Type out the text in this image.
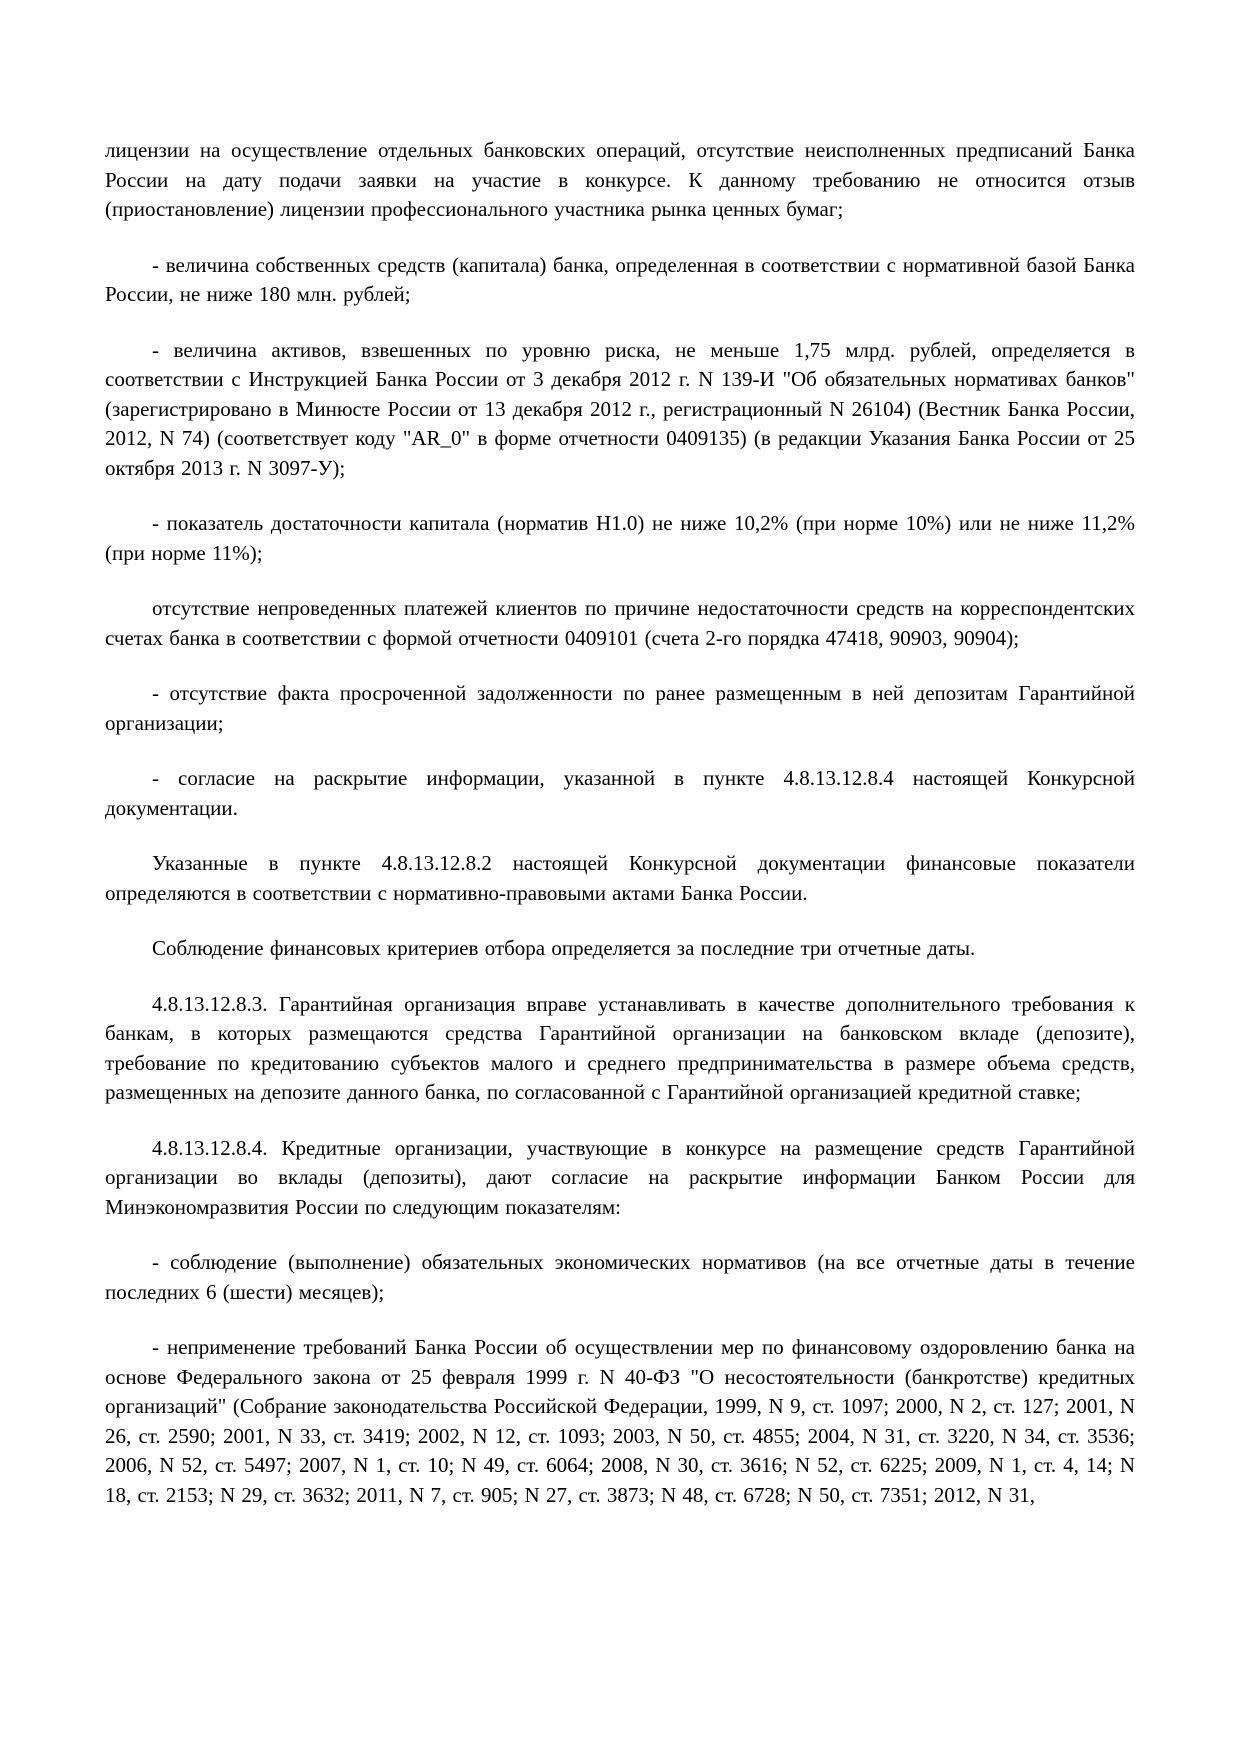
лицензии на осуществление отдельных банковских операций, отсутствие неисполненных предписаний Банка России на дату подачи заявки на участие в конкурсе. К данному требованию не относится отзыв (приостановление) лицензии профессионального участника рынка ценных бумаг;

- величина собственных средств (капитала) банка, определенная в соответствии с нормативной базой Банка России, не ниже 180 млн. рублей;

- величина активов, взвешенных по уровню риска, не меньше 1,75 млрд. рублей, определяется в соответствии с Инструкцией Банка России от 3 декабря 2012 г. N 139-И "Об обязательных нормативах банков" (зарегистрировано в Минюсте России от 13 декабря 2012 г., регистрационный N 26104) (Вестник Банка России, 2012, N 74) (соответствует коду "AR_0" в форме отчетности 0409135) (в редакции Указания Банка России от 25 октября 2013 г. N 3097-У);

- показатель достаточности капитала (норматив Н1.0) не ниже 10,2% (при норме 10%) или не ниже 11,2% (при норме 11%);

отсутствие непроведенных платежей клиентов по причине недостаточности средств на корреспондентских счетах банка в соответствии с формой отчетности 0409101 (счета 2-го порядка 47418, 90903, 90904);

- отсутствие факта просроченной задолженности по ранее размещенным в ней депозитам Гарантийной организации;

- согласие на раскрытие информации, указанной в пункте 4.8.13.12.8.4 настоящей Конкурсной документации.

Указанные в пункте 4.8.13.12.8.2 настоящей Конкурсной документации финансовые показатели определяются в соответствии с нормативно-правовыми актами Банка России.

Соблюдение финансовых критериев отбора определяется за последние три отчетные даты.

4.8.13.12.8.3. Гарантийная организация вправе устанавливать в качестве дополнительного требования к банкам, в которых размещаются средства Гарантийной организации на банковском вкладе (депозите), требование по кредитованию субъектов малого и среднего предпринимательства в размере объема средств, размещенных на депозите данного банка, по согласованной с Гарантийной организацией кредитной ставке;

4.8.13.12.8.4. Кредитные организации, участвующие в конкурсе на размещение средств Гарантийной организации во вклады (депозиты), дают согласие на раскрытие информации Банком России для Минэкономразвития России по следующим показателям:

- соблюдение (выполнение) обязательных экономических нормативов (на все отчетные даты в течение последних 6 (шести) месяцев);

- неприменение требований Банка России об осуществлении мер по финансовому оздоровлению банка на основе Федерального закона от 25 февраля 1999 г. N 40-ФЗ "О несостоятельности (банкротстве) кредитных организаций" (Собрание законодательства Российской Федерации, 1999, N 9, ст. 1097; 2000, N 2, ст. 127; 2001, N 26, ст. 2590; 2001, N 33, ст. 3419; 2002, N 12, ст. 1093; 2003, N 50, ст. 4855; 2004, N 31, ст. 3220, N 34, ст. 3536; 2006, N 52, ст. 5497; 2007, N 1, ст. 10; N 49, ст. 6064; 2008, N 30, ст. 3616; N 52, ст. 6225; 2009, N 1, ст. 4, 14; N 18, ст. 2153; N 29, ст. 3632; 2011, N 7, ст. 905; N 27, ст. 3873; N 48, ст. 6728; N 50, ст. 7351; 2012, N 31,
